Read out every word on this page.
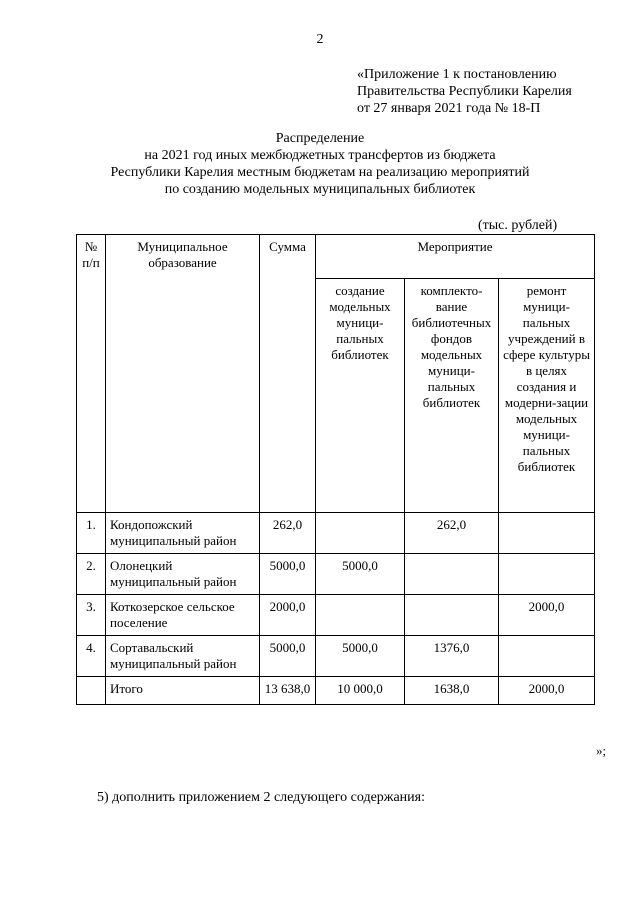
2
«Приложение 1 к постановлению
Правительства Республики Карелия
от 27 января 2021 года № 18-П
Распределение
на 2021 год иных межбюджетных трансфертов из бюджета
Республики Карелия местным бюджетам на реализацию мероприятий
по созданию модельных муниципальных библиотек
(тыс. рублей)
№ п/п	Муниципальное образование	Сумма	Мероприятие		
			создание модельных муници-пальных библиотек	комплекто-вание библиотечных фондов модельных муници-пальных библиотек	ремонт муници-пальных учреждений в сфере культуры в целях создания и модерни-зации модельных муници-пальных библиотек
1.	Кондопожский муниципальный район	262,0		262,0	
2.	Олонецкий муниципальный район	5000,0	5000,0		
3.	Коткозерское сельское поселение	2000,0			2000,0
4.	Сортавальский муниципальный район	5000,0	5000,0	1376,0	
	Итого	13 638,0	10 000,0	1638,0	2000,0
»;
5) дополнить приложением 2 следующего содержания:
